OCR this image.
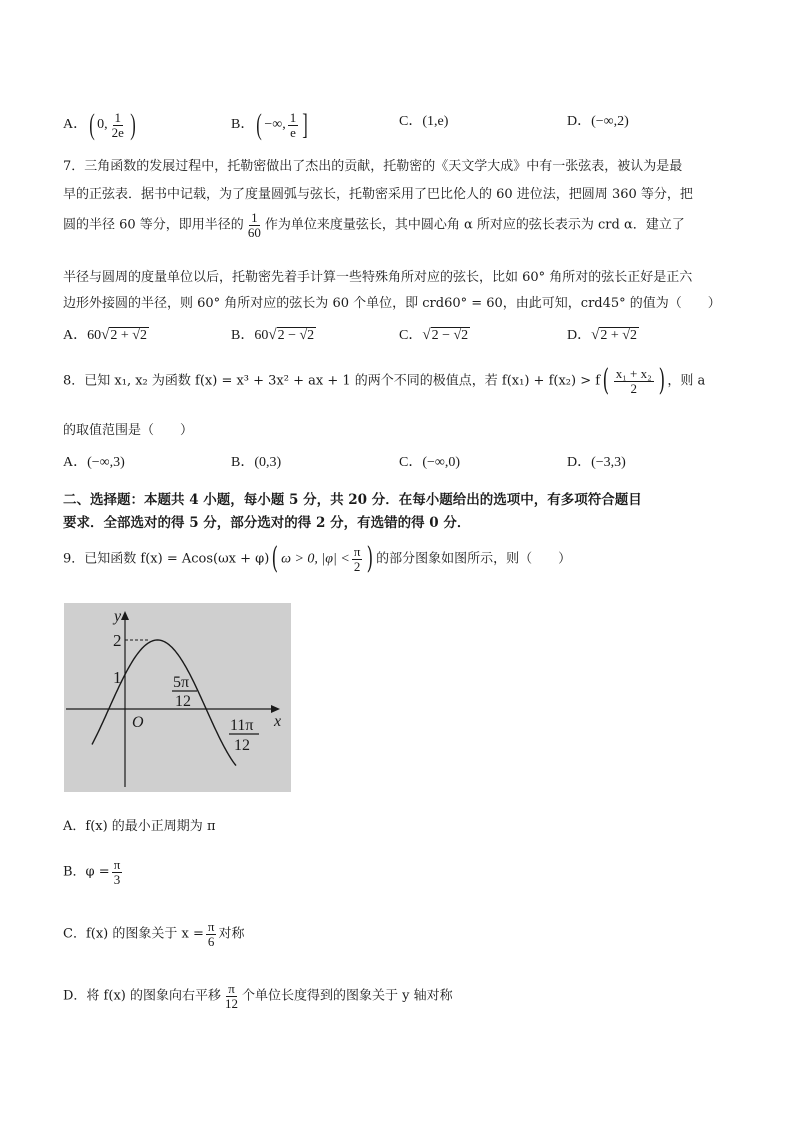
A．( 0, $\frac{1}{2e}$ )	B．( −∞, $\frac{1}{e}$ ]	C．(1,e)	D．(−∞,2)
7．三角函数的发展过程中，托勒密做出了杰出的贡献，托勒密的《天文学大成》中有一张弦表，被认为是最
早的正弦表．据书中记载，为了度量圆弧与弦长，托勒密采用了巴比伦人的 60 进位法，把圆周 360 等分，把
圆的半径 60 等分，即用半径的 $\frac{1}{60}$ 作为单位来度量弦长，其中圆心角 α 所对应的弦长表示为 crd α．建立了
半径与圆周的度量单位以后，托勒密先着手计算一些特殊角所对应的弦长，比如 60° 角所对的弦长正好是正六
边形外接圆的半径，则 60° 角所对应的弦长为 60 个单位，即 crd60° = 60，由此可知，crd45° 的值为（　　）
A．60√2 + √2	B．60√2 − √2	C．√2 − √2	D．√2 + √2
8．已知 x₁, x₂ 为函数 f(x) = x³ + 3x² + ax + 1 的两个不同的极值点，若 $f(x_1) + f(x_2) > f( \frac{\text{x₁ + x₂}}{2}$ ) ，则 a
的取值范围是（　　）
A．(−∞,3)	B．(0,3)	C．(−∞,0)	D．(−3,3)
二、选择题：本题共 4 小题，每小题 5 分，共 20 分．在每小题给出的选项中，有多项符合题目
要求．全部选对的得 5 分，部分选对的得 2 分，有选错的得 0 分．
9．已知函数 f(x) = Acos(ωx + φ)( ω > 0, $|\varphi| < \frac{\pi}{2}$ ) 的部分图象如图所示，则（　　）
y
x
O
2
1	5π
12
11π
12
A．f(x) 的最小正周期为 π
B．$\varphi = \frac{\pi}{3}$
C．f(x) 的图象关于 $x = \frac{\pi}{6}$ 对称
D．将 f(x) 的图象向右平移 $\frac{\pi}{12}$ 个单位长度得到的图象关于 y 轴对称
